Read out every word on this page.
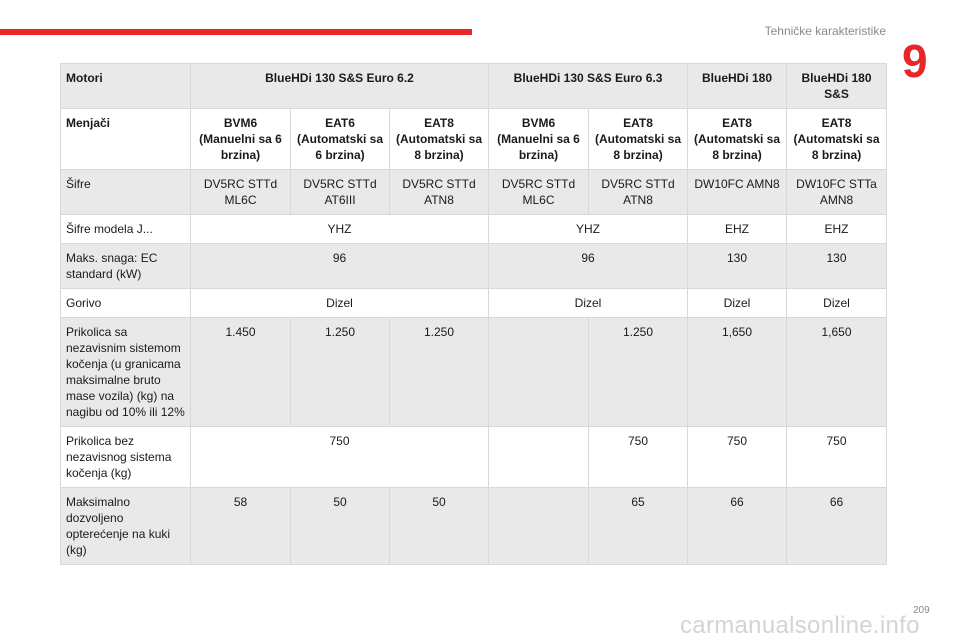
Tehničke karakteristike
9
Motori	BlueHDi 130 S&S Euro 6.2			BlueHDi 130 S&S Euro 6.3		BlueHDi 180	BlueHDi 180 S&S
Menjači	BVM6 (Manuelni sa 6 brzina)	EAT6 (Automatski sa 6 brzina)	EAT8 (Automatski sa 8 brzina)	BVM6 (Manuelni sa 6 brzina)	EAT8 (Automatski sa 8 brzina)	EAT8 (Automatski sa 8 brzina)	EAT8 (Automatski sa 8 brzina)
Šifre	DV5RC STTd ML6C	DV5RC STTd AT6III	DV5RC STTd ATN8	DV5RC STTd ML6C	DV5RC STTd ATN8	DW10FC AMN8	DW10FC STTa AMN8
Šifre modela J...	YHZ			YHZ		EHZ	EHZ
Maks. snaga: EC standard (kW)	96			96		130	130
Gorivo	Dizel			Dizel		Dizel	Dizel
Prikolica sa nezavisnim sistemom kočenja (u granicama maksimalne bruto mase vozila) (kg) na nagibu od 10% ili 12%	1.450	1.250	1.250		1.250	1,650	1,650
Prikolica bez nezavisnog sistema kočenja (kg)	750				750	750	750
Maksimalno dozvoljeno opterećenje na kuki (kg)	58	50	50		65	66	66
209
carmanualsonline.info
